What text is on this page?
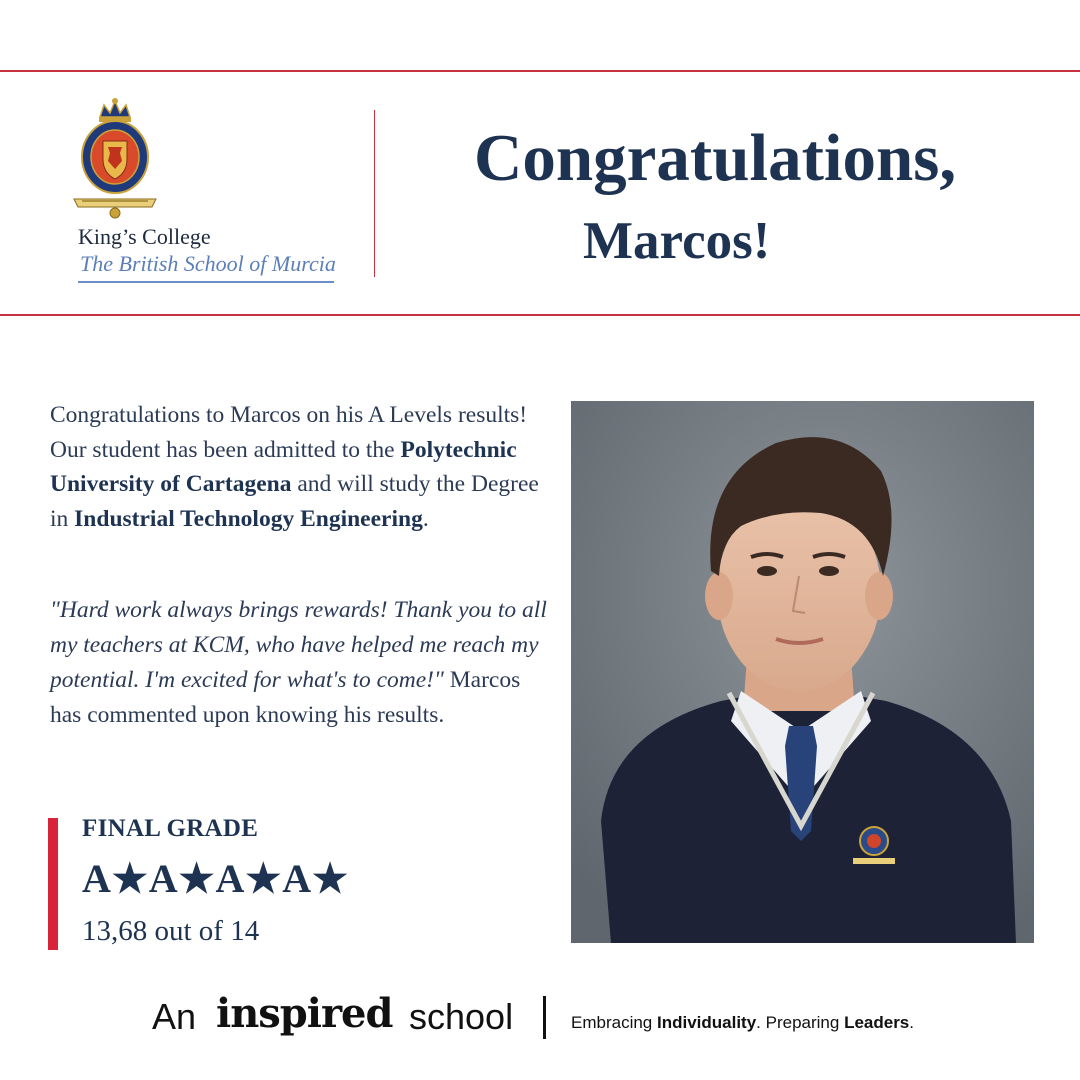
King’s College
The British School of Murcia
Congratulations,
Marcos!
Congratulations to Marcos on his A Levels results! Our student has been admitted to the Polytechnic University of Cartagena and will study the Degree in Industrial Technology Engineering.
"Hard work always brings rewards! Thank you to all my teachers at KCM, who have helped me reach my potential. I'm excited for what's to come!" Marcos has commented upon knowing his results.
FINAL GRADE
A★A★A★A★
13,68 out of 14
An inspired school	Embracing Individuality. Preparing Leaders.
